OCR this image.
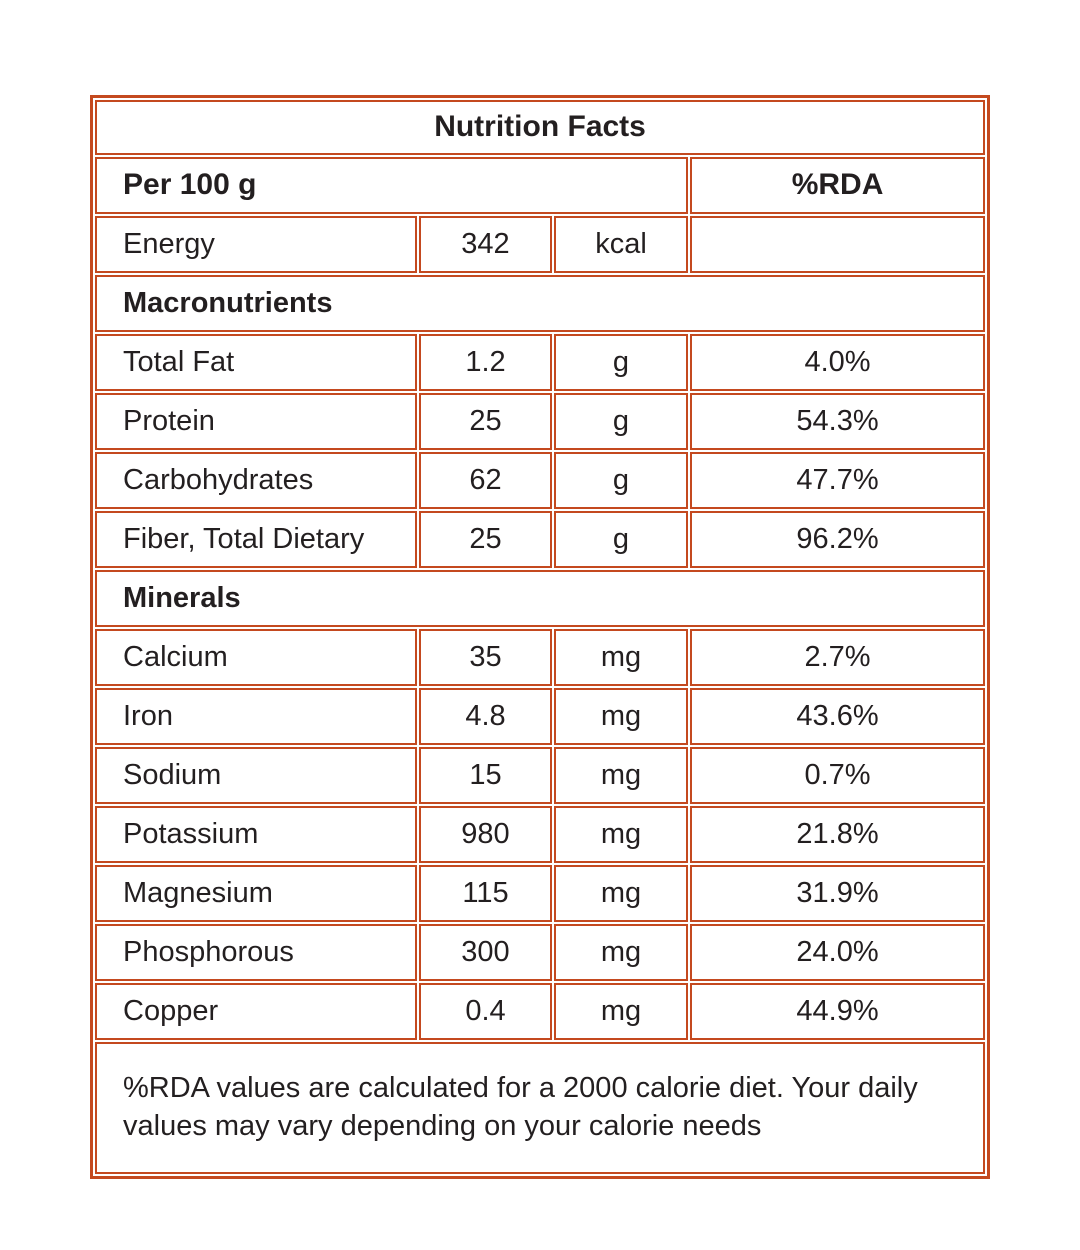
Nutrition Facts			
Per 100 g			%RDA
Energy	342	kcal	
Macronutrients			
Total Fat	1.2	g	4.0%
Protein	25	g	54.3%
Carbohydrates	62	g	47.7%
Fiber, Total Dietary	25	g	96.2%
Minerals			
Calcium	35	mg	2.7%
Iron	4.8	mg	43.6%
Sodium	15	mg	0.7%
Potassium	980	mg	21.8%
Magnesium	115	mg	31.9%
Phosphorous	300	mg	24.0%
Copper	0.4	mg	44.9%
%RDA values are calculated for a 2000 calorie diet. Your daily values may vary depending on your calorie needs			
